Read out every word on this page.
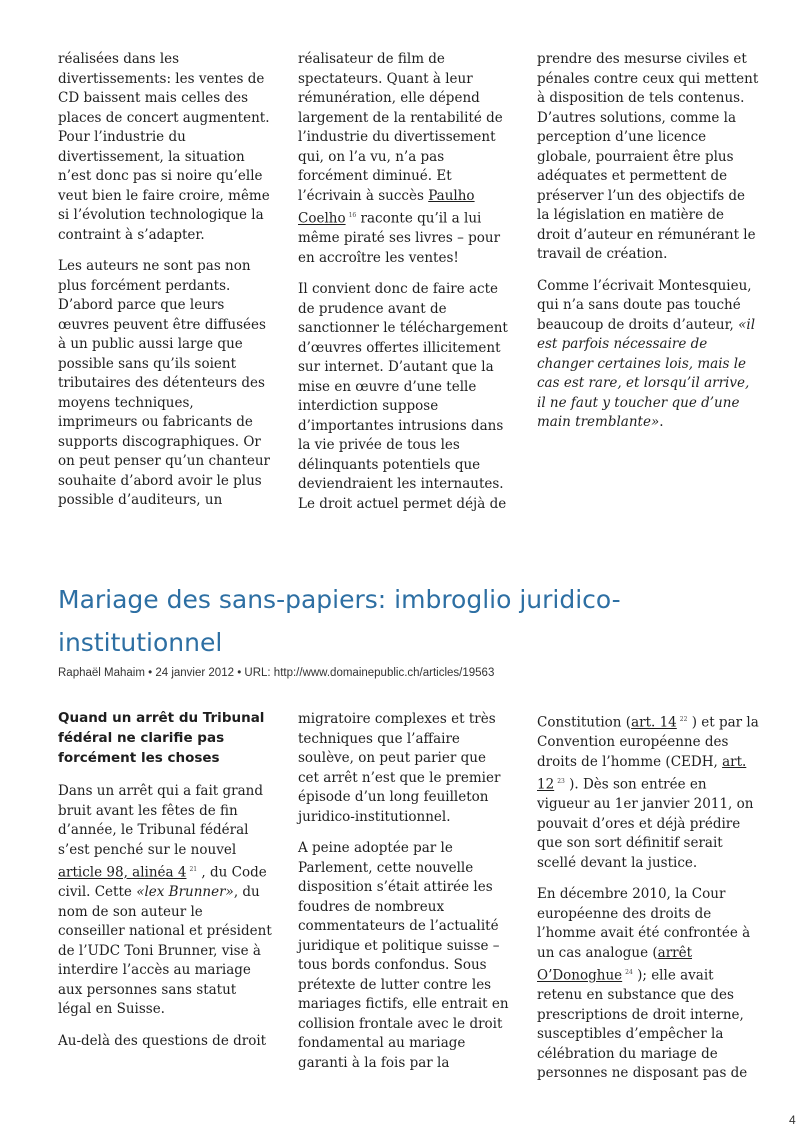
réalisées dans les divertissements: les ventes de CD baissent mais celles des places de concert augmentent. Pour l’industrie du divertissement, la situation n’est donc pas si noire qu’elle veut bien le faire croire, même si l’évolution technologique la contraint à s’adapter.

Les auteurs ne sont pas non plus forcément perdants. D’abord parce que leurs œuvres peuvent être diffusées à un public aussi large que possible sans qu’ils soient tributaires des détenteurs des moyens techniques, imprimeurs ou fabricants de supports discographiques. Or on peut penser qu’un chanteur souhaite d’abord avoir le plus possible d’auditeurs, un

réalisateur de film de spectateurs. Quant à leur rémunération, elle dépend largement de la rentabilité de l’industrie du divertissement qui, on l’a vu, n’a pas forcément diminué. Et l’écrivain à succès Paulho Coelho $^{16}$ raconte qu’il a lui même piraté ses livres – pour en accroître les ventes!

Il convient donc de faire acte de prudence avant de sanctionner le téléchargement d’œuvres offertes illicitement sur internet. D’autant que la mise en œuvre d’une telle interdiction suppose d’importantes intrusions dans la vie privée de tous les délinquants potentiels que deviendraient les internautes. Le droit actuel permet déjà de

prendre des mesurse civiles et pénales contre ceux qui mettent à disposition de tels contenus. D’autres solutions, comme la perception d’une licence globale, pourraient être plus adéquates et permettent de préserver l’un des objectifs de la législation en matière de droit d’auteur en rémunérant le travail de création.

Comme l’écrivait Montesquieu, qui n’a sans doute pas touché beaucoup de droits d’auteur, «il est parfois nécessaire de changer certaines lois, mais le cas est rare, et lorsqu’il arrive, il ne faut y toucher que d’une main tremblante».

Mariage des sans-papiers: imbroglio juridico-institutionnel
Raphaël Mahaim • 24 janvier 2012 • URL: http://www.domainepublic.ch/articles/19563

Quand un arrêt du Tribunal fédéral ne clarifie pas forcément les choses

Dans un arrêt qui a fait grand bruit avant les fêtes de fin d’année, le Tribunal fédéral s’est penché sur le nouvel article 98, alinéa 4 $^{21}$ , du Code civil. Cette «lex Brunner», du nom de son auteur le conseiller national et président de l’UDC Toni Brunner, vise à interdire l’accès au mariage aux personnes sans statut légal en Suisse.

Au-delà des questions de droit

migratoire complexes et très techniques que l’affaire soulève, on peut parier que cet arrêt n’est que le premier épisode d’un long feuilleton juridico-institutionnel.

A peine adoptée par le Parlement, cette nouvelle disposition s’était attirée les foudres de nombreux commentateurs de l’actualité juridique et politique suisse – tous bords confondus. Sous prétexte de lutter contre les mariages fictifs, elle entrait en collision frontale avec le droit fondamental au mariage garanti à la fois par la

Constitution (art. 14 $^{22}$ ) et par la Convention européenne des droits de l’homme (CEDH, art. 12 $^{23}$ ). Dès son entrée en vigueur au 1er janvier 2011, on pouvait d’ores et déjà prédire que son sort définitif serait scellé devant la justice.

En décembre 2010, la Cour européenne des droits de l’homme avait été confrontée à un cas analogue (arrêt O’Donoghue $^{24}$ ); elle avait retenu en substance que des prescriptions de droit interne, susceptibles d’empêcher la célébration du mariage de personnes ne disposant pas de

4
